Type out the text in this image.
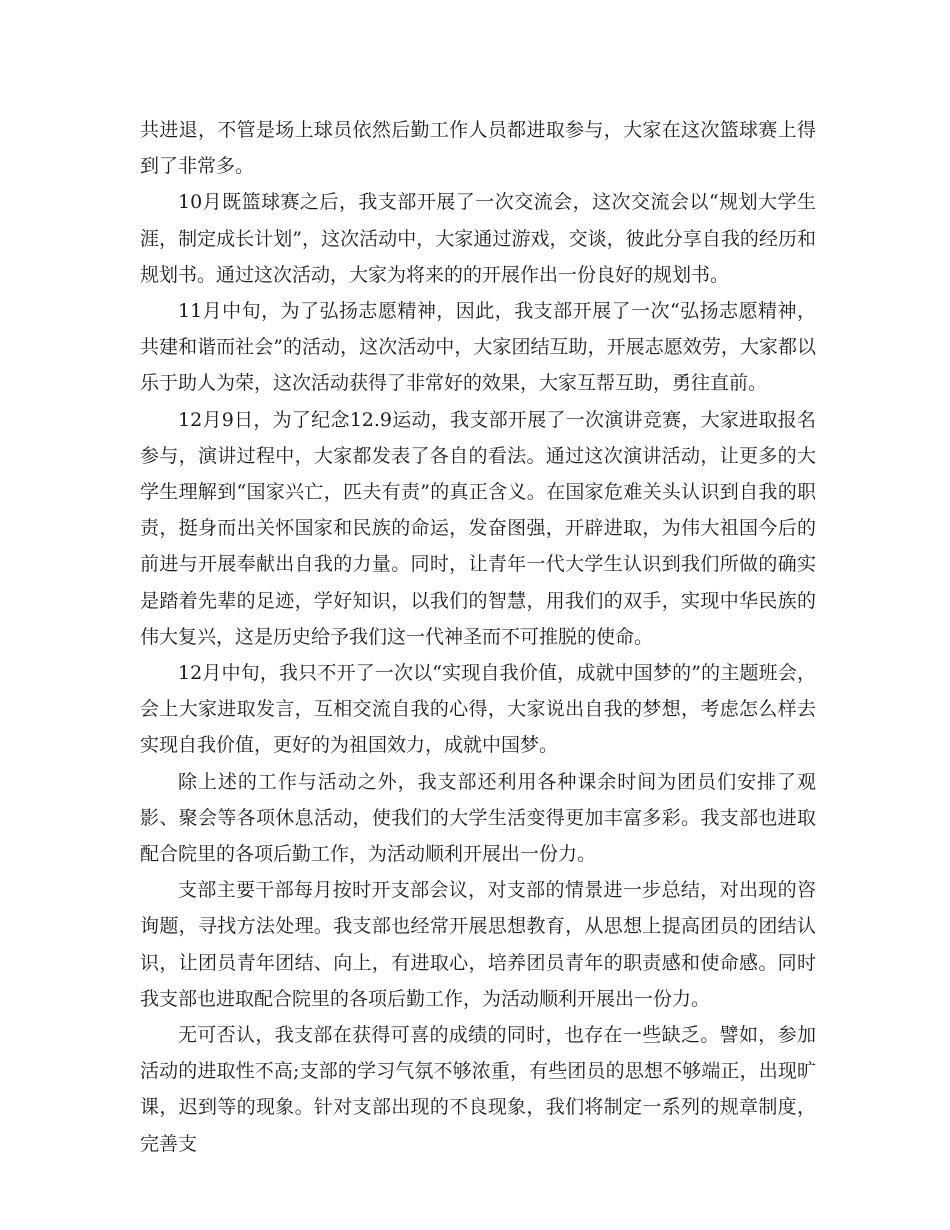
共进退，不管是场上球员依然后勤工作人员都进取参与，大家在这次篮球赛上得到了非常多。

10月既篮球赛之后，我支部开展了一次交流会，这次交流会以“规划大学生涯，制定成长计划”，这次活动中，大家通过游戏，交谈，彼此分享自我的经历和规划书。通过这次活动，大家为将来的的开展作出一份良好的规划书。

11月中旬，为了弘扬志愿精神，因此，我支部开展了一次“弘扬志愿精神，共建和谐而社会”的活动，这次活动中，大家团结互助，开展志愿效劳，大家都以乐于助人为荣，这次活动获得了非常好的效果，大家互帮互助，勇往直前。

12月9日，为了纪念12.9运动，我支部开展了一次演讲竞赛，大家进取报名参与，演讲过程中，大家都发表了各自的看法。通过这次演讲活动，让更多的大学生理解到“国家兴亡，匹夫有责”的真正含义。在国家危难关头认识到自我的职责，挺身而出关怀国家和民族的命运，发奋图强，开辟进取，为伟大祖国今后的前进与开展奉献出自我的力量。同时，让青年一代大学生认识到我们所做的确实是踏着先辈的足迹，学好知识，以我们的智慧，用我们的双手，实现中华民族的伟大复兴，这是历史给予我们这一代神圣而不可推脱的使命。

12月中旬，我只不开了一次以“实现自我价值，成就中国梦的”的主题班会，会上大家进取发言，互相交流自我的心得，大家说出自我的梦想，考虑怎么样去实现自我价值，更好的为祖国效力，成就中国梦。

除上述的工作与活动之外，我支部还利用各种课余时间为团员们安排了观影、聚会等各项休息活动，使我们的大学生活变得更加丰富多彩。我支部也进取配合院里的各项后勤工作，为活动顺利开展出一份力。

支部主要干部每月按时开支部会议，对支部的情景进一步总结，对出现的咨询题，寻找方法处理。我支部也经常开展思想教育，从思想上提高团员的团结认识，让团员青年团结、向上，有进取心，培养团员青年的职责感和使命感。同时我支部也进取配合院里的各项后勤工作，为活动顺利开展出一份力。

无可否认，我支部在获得可喜的成绩的同时，也存在一些缺乏。譬如，参加活动的进取性不高;支部的学习气氛不够浓重，有些团员的思想不够端正，出现旷课，迟到等的现象。针对支部出现的不良现象，我们将制定一系列的规章制度，完善支
